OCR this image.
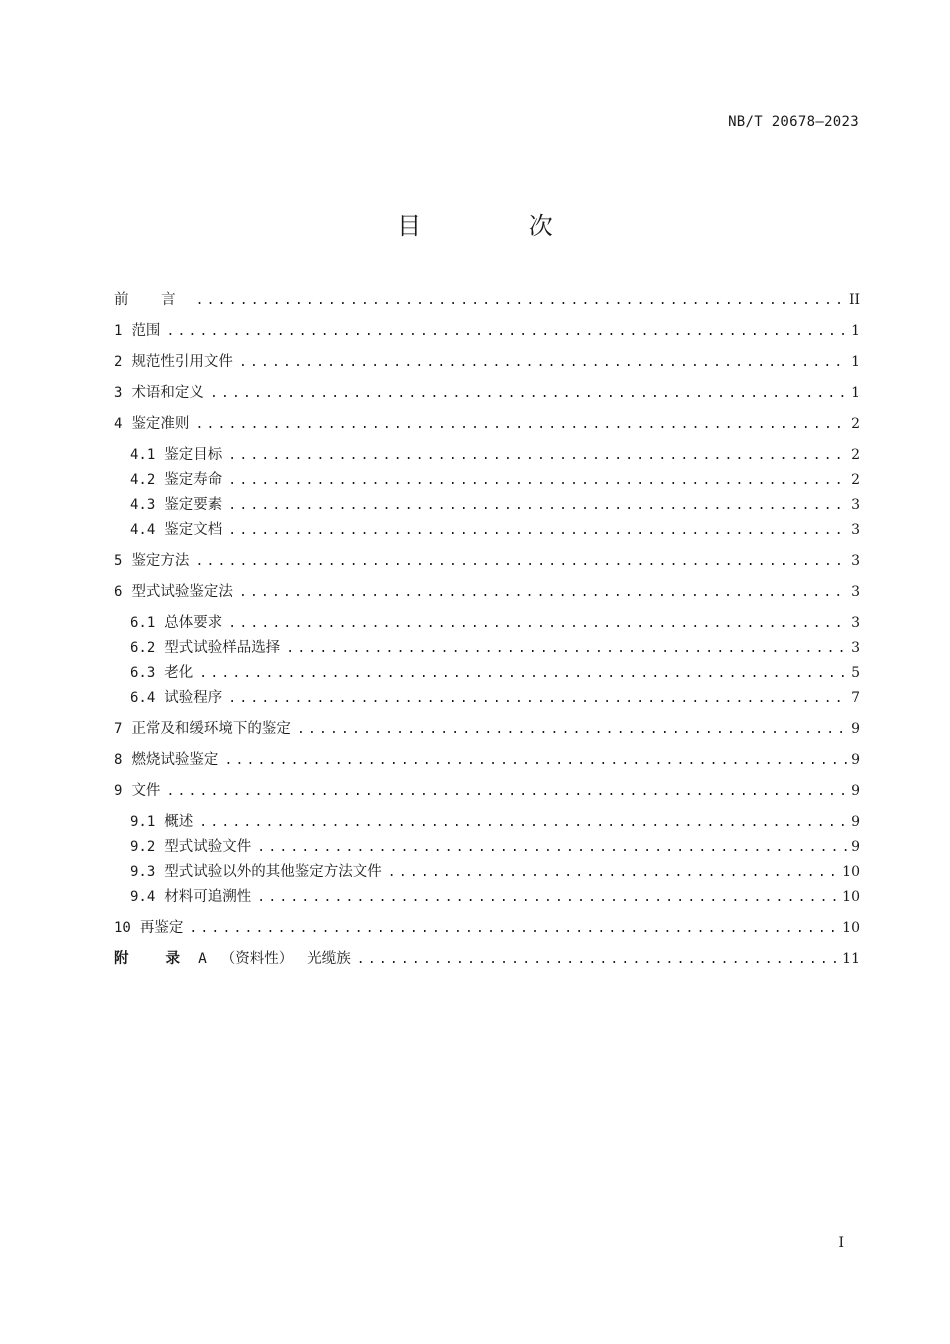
NB/T 20678—2023
目 次
前 言 .....	II
1 范围 .....	1
2 规范性引用文件 .....	1
3 术语和定义 .....	1
4 鉴定准则 .....	2
4.1 鉴定目标 .....	2
4.2 鉴定寿命 .....	2
4.3 鉴定要素 .....	3
4.4 鉴定文档 .....	3
5 鉴定方法 .....	3
6 型式试验鉴定法 .....	3
6.1 总体要求 .....	3
6.2 型式试验样品选择 .....	3
6.3 老化 .....	5
6.4 试验程序 .....	7
7 正常及和缓环境下的鉴定 .....	9
8 燃烧试验鉴定 .....	9
9 文件 .....	9
9.1 概述 .....	9
9.2 型式试验文件 .....	9
9.3 型式试验以外的其他鉴定方法文件 .....	10
9.4 材料可追溯性 .....	10
10 再鉴定 .....	10
附 录 A （资料性） 光缆族 .....	11
I
